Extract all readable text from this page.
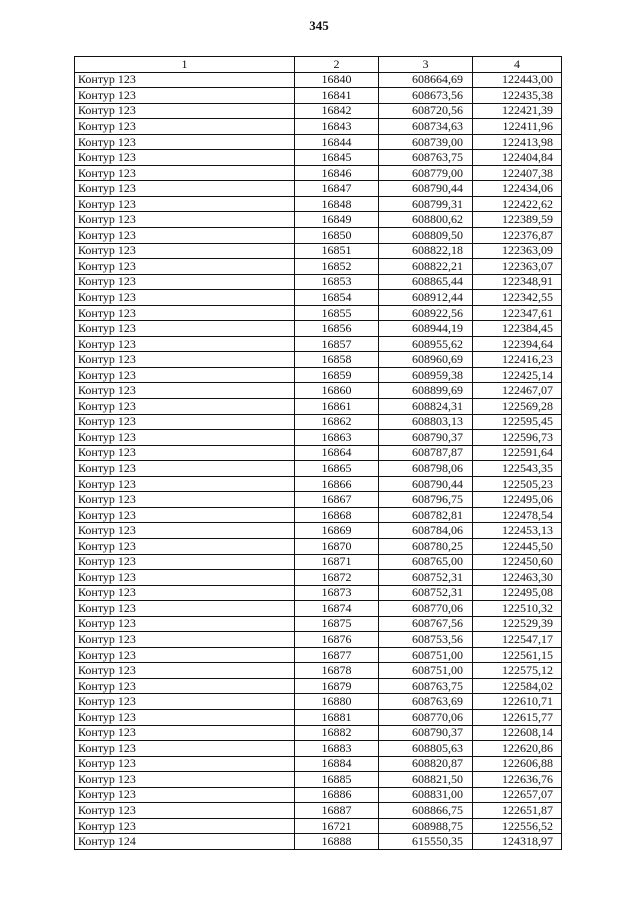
345
1	2	3	4
Контур 123	16840	608664,69	122443,00
Контур 123	16841	608673,56	122435,38
Контур 123	16842	608720,56	122421,39
Контур 123	16843	608734,63	122411,96
Контур 123	16844	608739,00	122413,98
Контур 123	16845	608763,75	122404,84
Контур 123	16846	608779,00	122407,38
Контур 123	16847	608790,44	122434,06
Контур 123	16848	608799,31	122422,62
Контур 123	16849	608800,62	122389,59
Контур 123	16850	608809,50	122376,87
Контур 123	16851	608822,18	122363,09
Контур 123	16852	608822,21	122363,07
Контур 123	16853	608865,44	122348,91
Контур 123	16854	608912,44	122342,55
Контур 123	16855	608922,56	122347,61
Контур 123	16856	608944,19	122384,45
Контур 123	16857	608955,62	122394,64
Контур 123	16858	608960,69	122416,23
Контур 123	16859	608959,38	122425,14
Контур 123	16860	608899,69	122467,07
Контур 123	16861	608824,31	122569,28
Контур 123	16862	608803,13	122595,45
Контур 123	16863	608790,37	122596,73
Контур 123	16864	608787,87	122591,64
Контур 123	16865	608798,06	122543,35
Контур 123	16866	608790,44	122505,23
Контур 123	16867	608796,75	122495,06
Контур 123	16868	608782,81	122478,54
Контур 123	16869	608784,06	122453,13
Контур 123	16870	608780,25	122445,50
Контур 123	16871	608765,00	122450,60
Контур 123	16872	608752,31	122463,30
Контур 123	16873	608752,31	122495,08
Контур 123	16874	608770,06	122510,32
Контур 123	16875	608767,56	122529,39
Контур 123	16876	608753,56	122547,17
Контур 123	16877	608751,00	122561,15
Контур 123	16878	608751,00	122575,12
Контур 123	16879	608763,75	122584,02
Контур 123	16880	608763,69	122610,71
Контур 123	16881	608770,06	122615,77
Контур 123	16882	608790,37	122608,14
Контур 123	16883	608805,63	122620,86
Контур 123	16884	608820,87	122606,88
Контур 123	16885	608821,50	122636,76
Контур 123	16886	608831,00	122657,07
Контур 123	16887	608866,75	122651,87
Контур 123	16721	608988,75	122556,52
Контур 124	16888	615550,35	124318,97
